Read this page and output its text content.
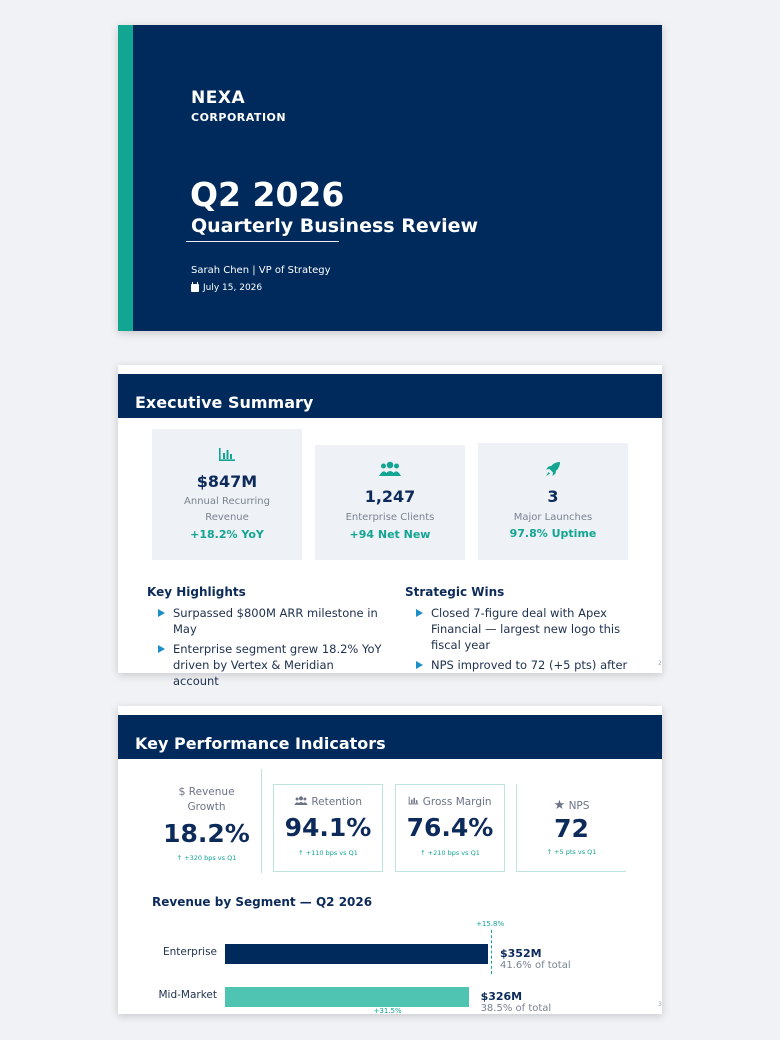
NEXA
CORPORATION
Q2 2026
Quarterly Business Review
Sarah Chen | VP of Strategy
July 15, 2026
Executive Summary
$847M
Annual Recurring Revenue
+18.2% YoY
1,247
Enterprise Clients
+94 Net New
3
Major Launches
97.8% Uptime
Key Highlights
Surpassed $800M ARR milestone in May
Enterprise segment grew 18.2% YoY driven by Vertex & Meridian account
Strategic Wins
Closed 7-figure deal with Apex Financial — largest new logo this fiscal year
NPS improved to 72 (+5 pts) after	2
Key Performance Indicators
$ Revenue Growth
18.2%
↑ +320 bps vs Q1
Retention
94.1%
↑ +110 bps vs Q1
Gross Margin
76.4%
↑ +210 bps vs Q1
★ NPS
72
↑ +5 pts vs Q1
Revenue by Segment — Q2 2026
Enterprise	$352M
41.6% of total
+15.8%
Mid-Market	$326M
38.5% of total
+31.5%
3
